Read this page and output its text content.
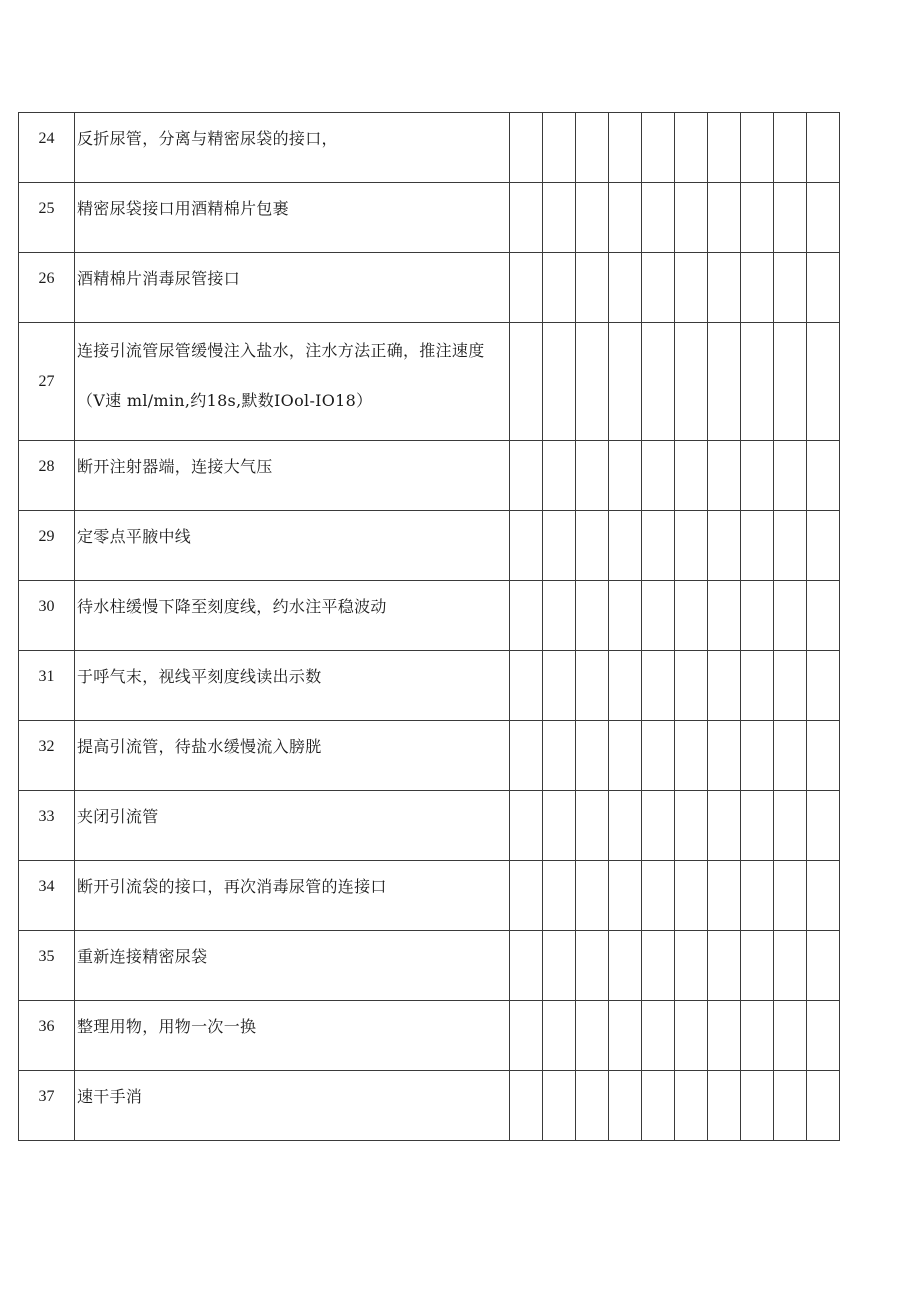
24	反折尿管，分离与精密尿袋的接口，										
25	精密尿袋接口用酒精棉片包裹										
26	酒精棉片消毒尿管接口										
27	连接引流管尿管缓慢注入盐水，注水方法正确，推注速度（V速 ml/min,约18s,默数IOol-IO18）										
28	断开注射器端，连接大气压										
29	定零点平腋中线										
30	待水柱缓慢下降至刻度线，约水注平稳波动										
31	于呼气末，视线平刻度线读出示数										
32	提高引流管，待盐水缓慢流入膀胱										
33	夹闭引流管										
34	断开引流袋的接口，再次消毒尿管的连接口										
35	重新连接精密尿袋										
36	整理用物，用物一次一换										
37	速干手消										
